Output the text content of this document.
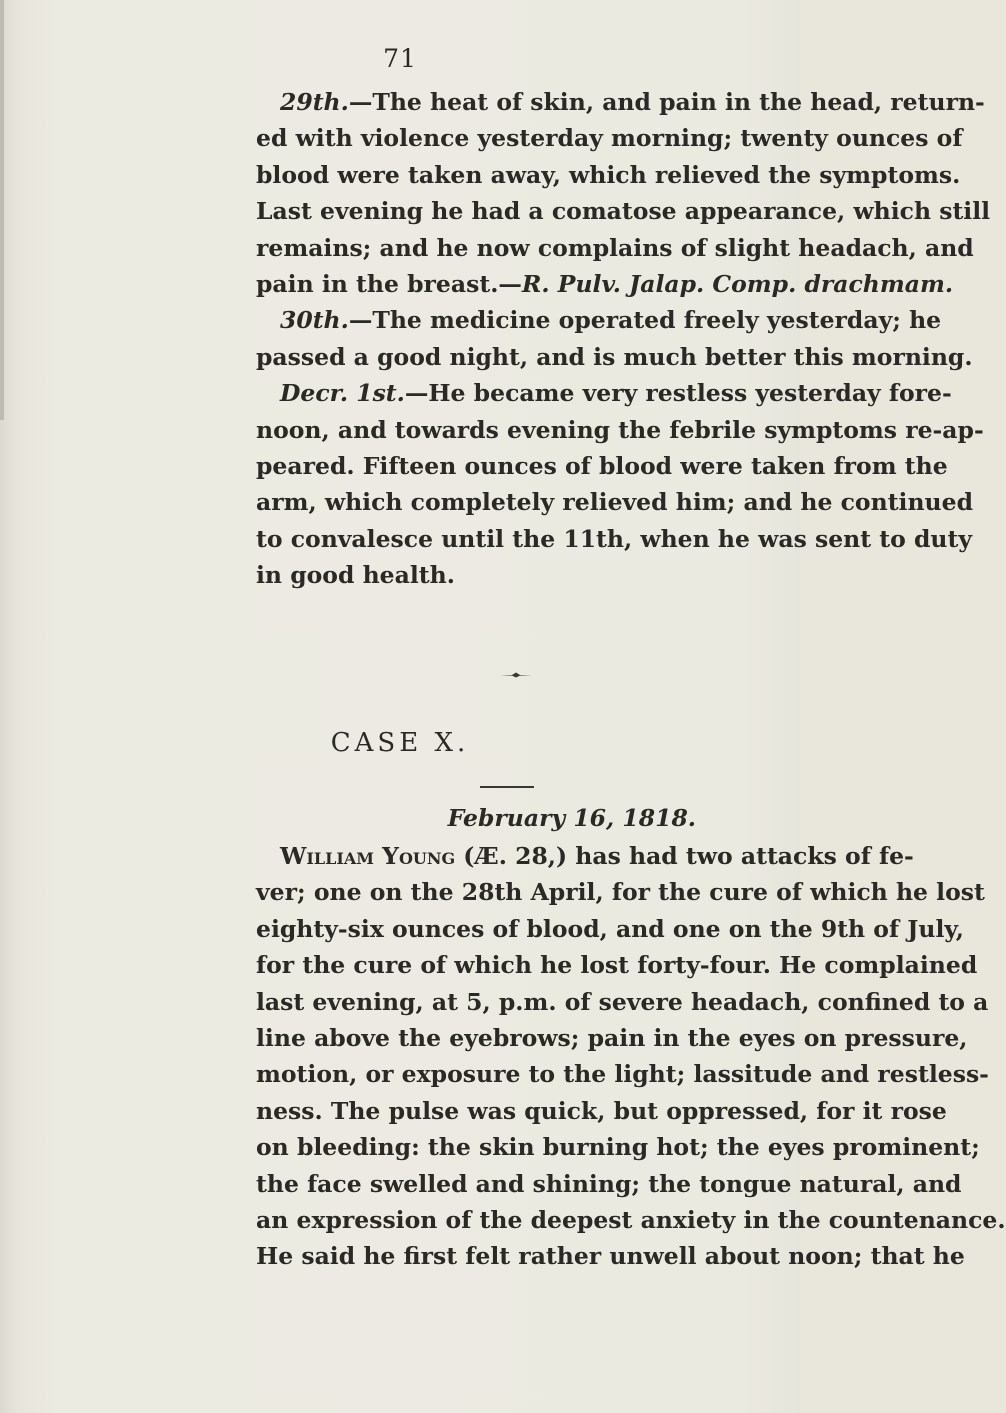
71

29th.—The heat of skin, and pain in the head, return-
ed with violence yesterday morning; twenty ounces of
blood were taken away, which relieved the symptoms.
Last evening he had a comatose appearance, which still
remains; and he now complains of slight headach, and
pain in the breast.—R. Pulv. Jalap. Comp. drachmam.

30th.—The medicine operated freely yesterday; he
passed a good night, and is much better this morning.

Decr. 1st.—He became very restless yesterday fore-
noon, and towards evening the febrile symptoms re-ap-
peared. Fifteen ounces of blood were taken from the
arm, which completely relieved him; and he continued
to convalesce until the 11th, when he was sent to duty
in good health.

CASE X.
February 16, 1818.

William Young (Æ. 28,) has had two attacks of fe-
ver; one on the 28th April, for the cure of which he lost
eighty-six ounces of blood, and one on the 9th of July,
for the cure of which he lost forty-four. He complained
last evening, at 5, p.m. of severe headach, confined to a
line above the eyebrows; pain in the eyes on pressure,
motion, or exposure to the light; lassitude and restless-
ness. The pulse was quick, but oppressed, for it rose
on bleeding: the skin burning hot; the eyes prominent;
the face swelled and shining; the tongue natural, and
an expression of the deepest anxiety in the countenance.
He said he first felt rather unwell about noon; that he
